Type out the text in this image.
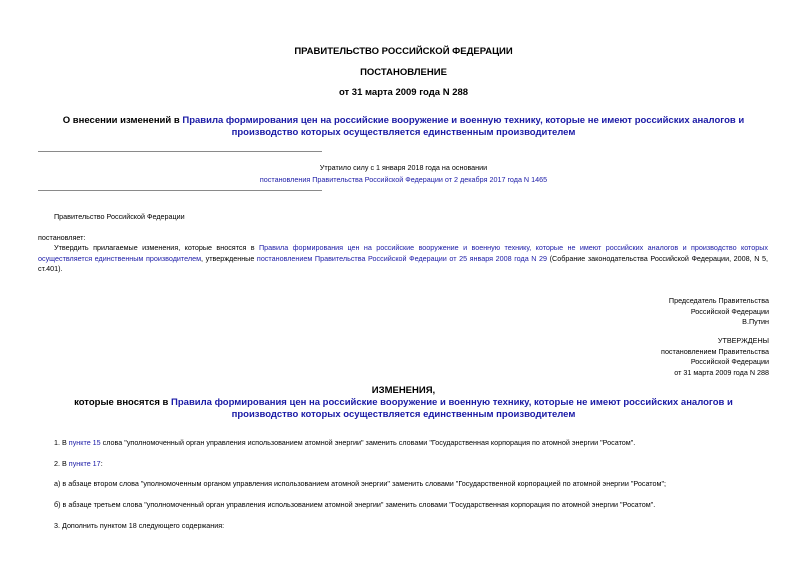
ПРАВИТЕЛЬСТВО РОССИЙСКОЙ ФЕДЕРАЦИИ
ПОСТАНОВЛЕНИЕ
от 31 марта 2009 года N 288
О внесении изменений в Правила формирования цен на российские вооружение и военную технику, которые не имеют российских аналогов и производство которых осуществляется единственным производителем
Утратило силу с 1 января 2018 года на основании
постановления Правительства Российской Федерации от 2 декабря 2017 года N 1465
Правительство Российской Федерации
постановляет:
Утвердить прилагаемые изменения, которые вносятся в Правила формирования цен на российские вооружение и военную технику, которые не имеют российских аналогов и производство которых осуществляется единственным производителем, утвержденные постановлением Правительства Российской Федерации от 25 января 2008 года N 29 (Собрание законодательства Российской Федерации, 2008, N 5, ст.401).
Председатель Правительства
Российской Федерации
В.Путин
УТВЕРЖДЕНЫ
постановлением Правительства
Российской Федерации
от 31 марта 2009 года N 288
ИЗМЕНЕНИЯ,
которые вносятся в Правила формирования цен на российские вооружение и военную технику, которые не имеют российских аналогов и производство которых осуществляется единственным производителем
1. В пункте 15 слова "уполномоченный орган управления использованием атомной энергии" заменить словами "Государственная корпорация по атомной энергии "Росатом".
2. В пункте 17:
а) в абзаце втором слова "уполномоченным органом управления использованием атомной энергии" заменить словами "Государственной корпорацией по атомной энергии "Росатом";
б) в абзаце третьем слова "уполномоченный орган управления использованием атомной энергии" заменить словами "Государственная корпорация по атомной энергии "Росатом".
3. Дополнить пунктом 18 следующего содержания:
